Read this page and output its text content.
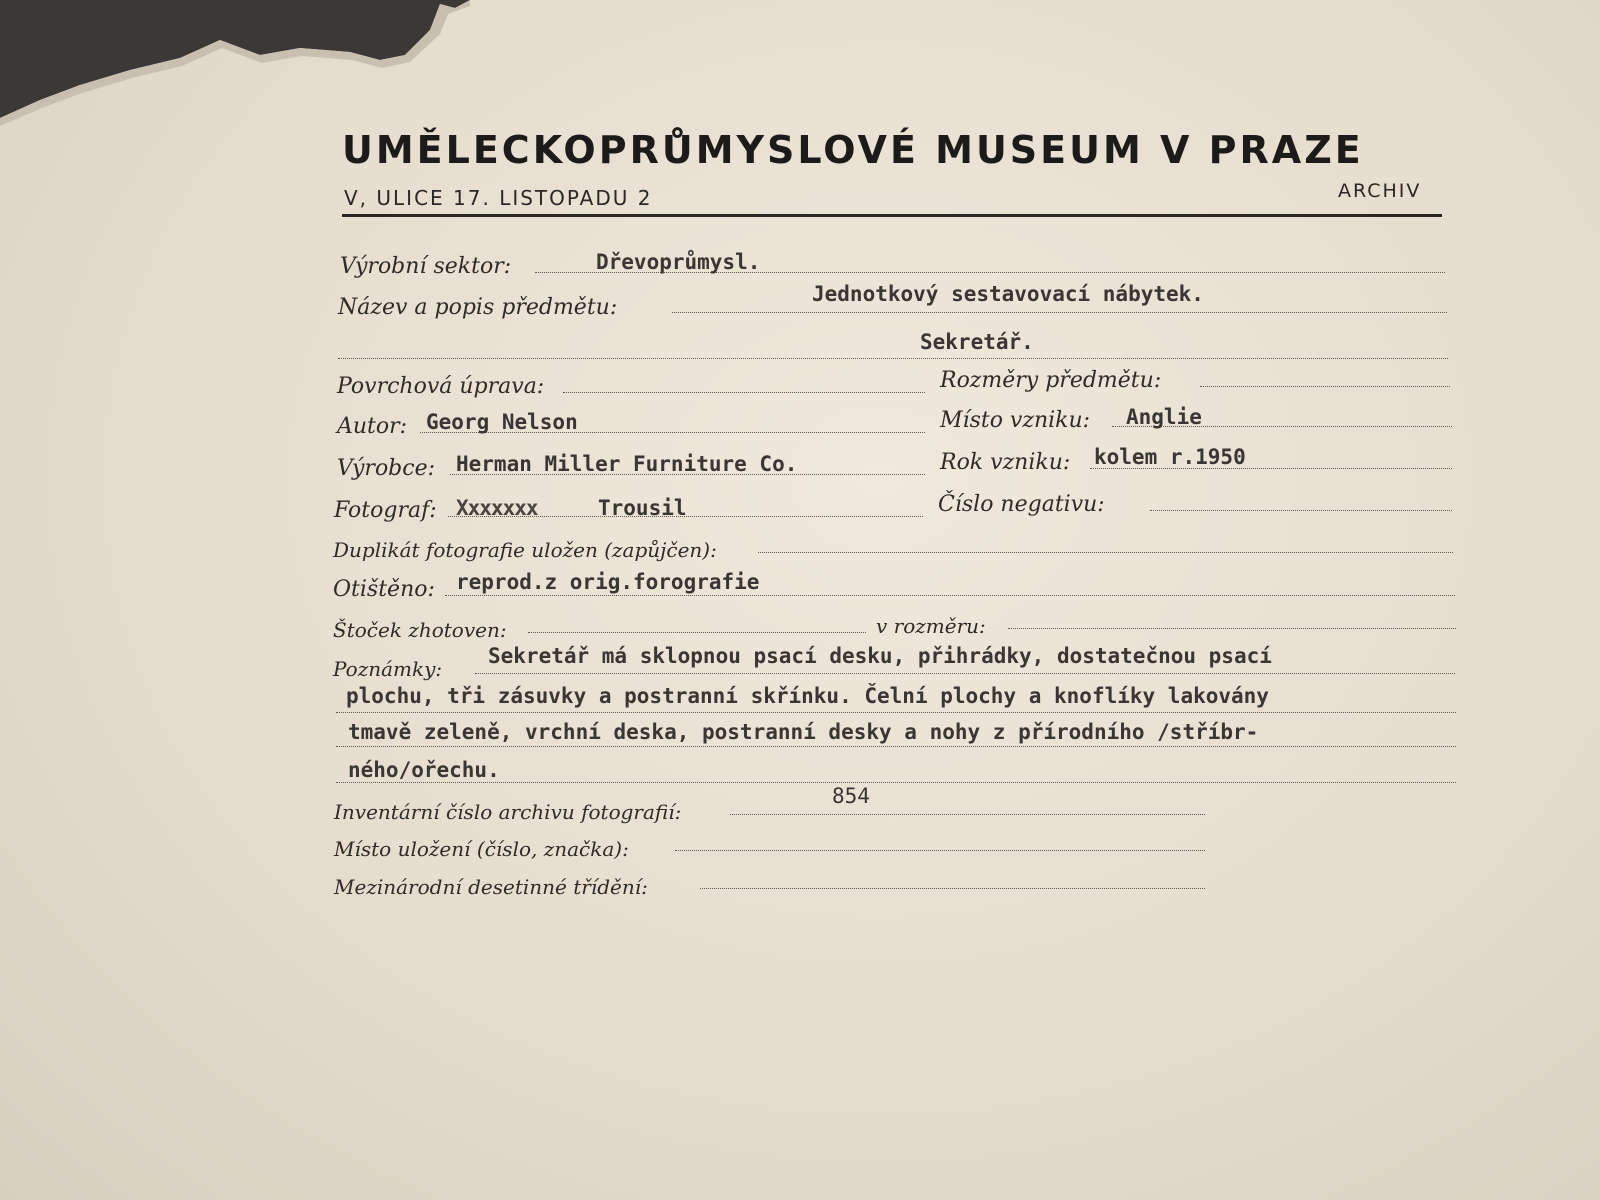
UMĚLECKOPRŮMYSLOVÉ MUSEUM V PRAZE
V, ULICE 17. LISTOPADU 2	ARCHIV
Výrobní sektor:	Dřevoprůmysl.
Název a popis předmětu:
Jednotkový sestavovací nábytek.
Sekretář.
Povrchová úprava:	Rozměry předmětu:
Autor: Georg Nelson	Místo vzniku: Anglie
Výrobce: Herman Miller Furniture Co.	Rok vzniku: kolem r.1950
Fotograf: Xxxxxxx	Trousil	Číslo negativu:
Duplikát fotografie uložen (zapůjčen):
Otištěno: reprod.z orig.forografie
Štoček zhotoven:	v rozměru:
Poznámky:
Sekretář má sklopnou psací desku, přihrádky, dostatečnou psací
plochu, tři zásuvky a postranní skřínku. Čelní plochy a knoflíky lakovány
tmavě zeleně, vrchní deska, postranní desky a nohy z přírodního /stříbr-
ného/ořechu.
Inventární číslo archivu fotografií:
854
Místo uložení (číslo, značka):
Mezinárodní desetinné třídění:
